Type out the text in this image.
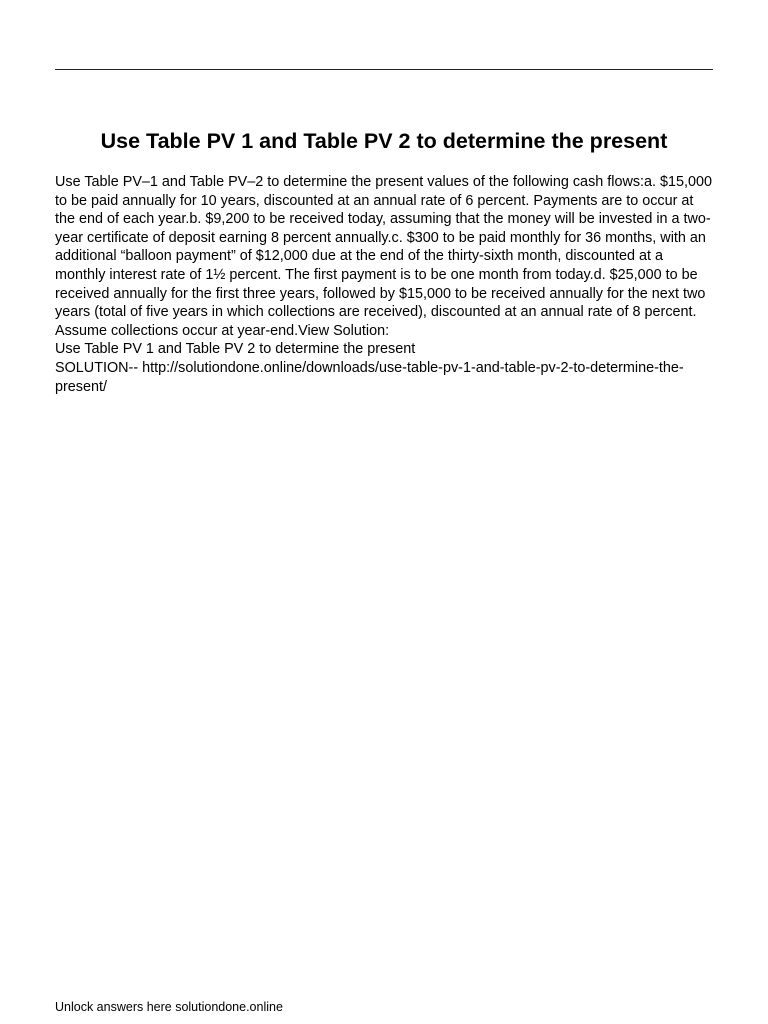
Use Table PV 1 and Table PV 2 to determine the present

Use Table PV–1 and Table PV–2 to determine the present values of the following cash flows:a. $15,000 to be paid annually for 10 years, discounted at an annual rate of 6 percent. Payments are to occur at the end of each year.b. $9,200 to be received today, assuming that the money will be invested in a two-year certificate of deposit earning 8 percent annually.c. $300 to be paid monthly for 36 months, with an additional “balloon payment” of $12,000 due at the end of the thirty-sixth month, discounted at a monthly interest rate of 1½ percent. The first payment is to be one month from today.d. $25,000 to be received annually for the first three years, followed by $15,000 to be received annually for the next two years (total of five years in which collections are received), discounted at an annual rate of 8 percent. Assume collections occur at year-end.View Solution:

Use Table PV 1 and Table PV 2 to determine the present

SOLUTION-- http://solutiondone.online/downloads/use-table-pv-1-and-table-pv-2-to-determine-the-present/

Unlock answers here solutiondone.online
